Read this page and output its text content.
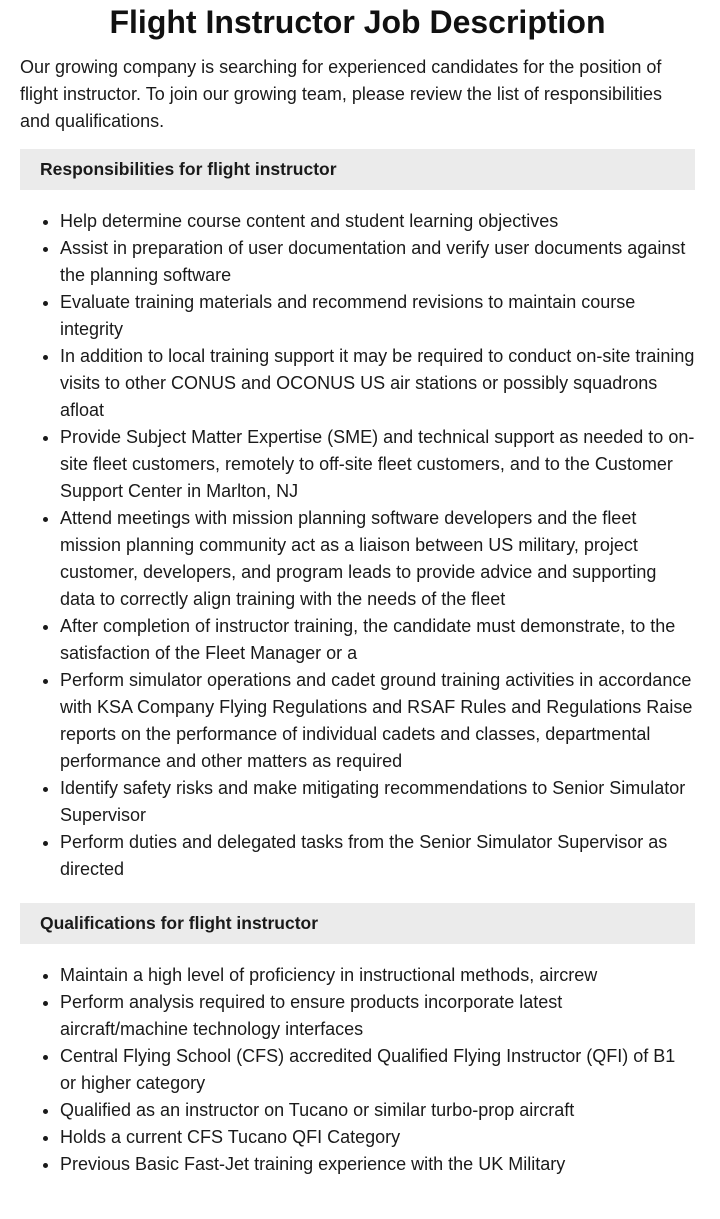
Flight Instructor Job Description

Our growing company is searching for experienced candidates for the position of flight instructor. To join our growing team, please review the list of responsibilities and qualifications.

Responsibilities for flight instructor
• Help determine course content and student learning objectives
• Assist in preparation of user documentation and verify user documents against the planning software
• Evaluate training materials and recommend revisions to maintain course integrity
• In addition to local training support it may be required to conduct on-site training visits to other CONUS and OCONUS US air stations or possibly squadrons afloat
• Provide Subject Matter Expertise (SME) and technical support as needed to on-site fleet customers, remotely to off-site fleet customers, and to the Customer Support Center in Marlton, NJ
• Attend meetings with mission planning software developers and the fleet mission planning community act as a liaison between US military, project customer, developers, and program leads to provide advice and supporting data to correctly align training with the needs of the fleet
• After completion of instructor training, the candidate must demonstrate, to the satisfaction of the Fleet Manager or a
• Perform simulator operations and cadet ground training activities in accordance with KSA Company Flying Regulations and RSAF Rules and Regulations Raise reports on the performance of individual cadets and classes, departmental performance and other matters as required
• Identify safety risks and make mitigating recommendations to Senior Simulator Supervisor
• Perform duties and delegated tasks from the Senior Simulator Supervisor as directed
Qualifications for flight instructor
• Maintain a high level of proficiency in instructional methods, aircrew
• Perform analysis required to ensure products incorporate latest aircraft/machine technology interfaces
• Central Flying School (CFS) accredited Qualified Flying Instructor (QFI) of B1 or higher category
• Qualified as an instructor on Tucano or similar turbo-prop aircraft
• Holds a current CFS Tucano QFI Category
• Previous Basic Fast-Jet training experience with the UK Military
